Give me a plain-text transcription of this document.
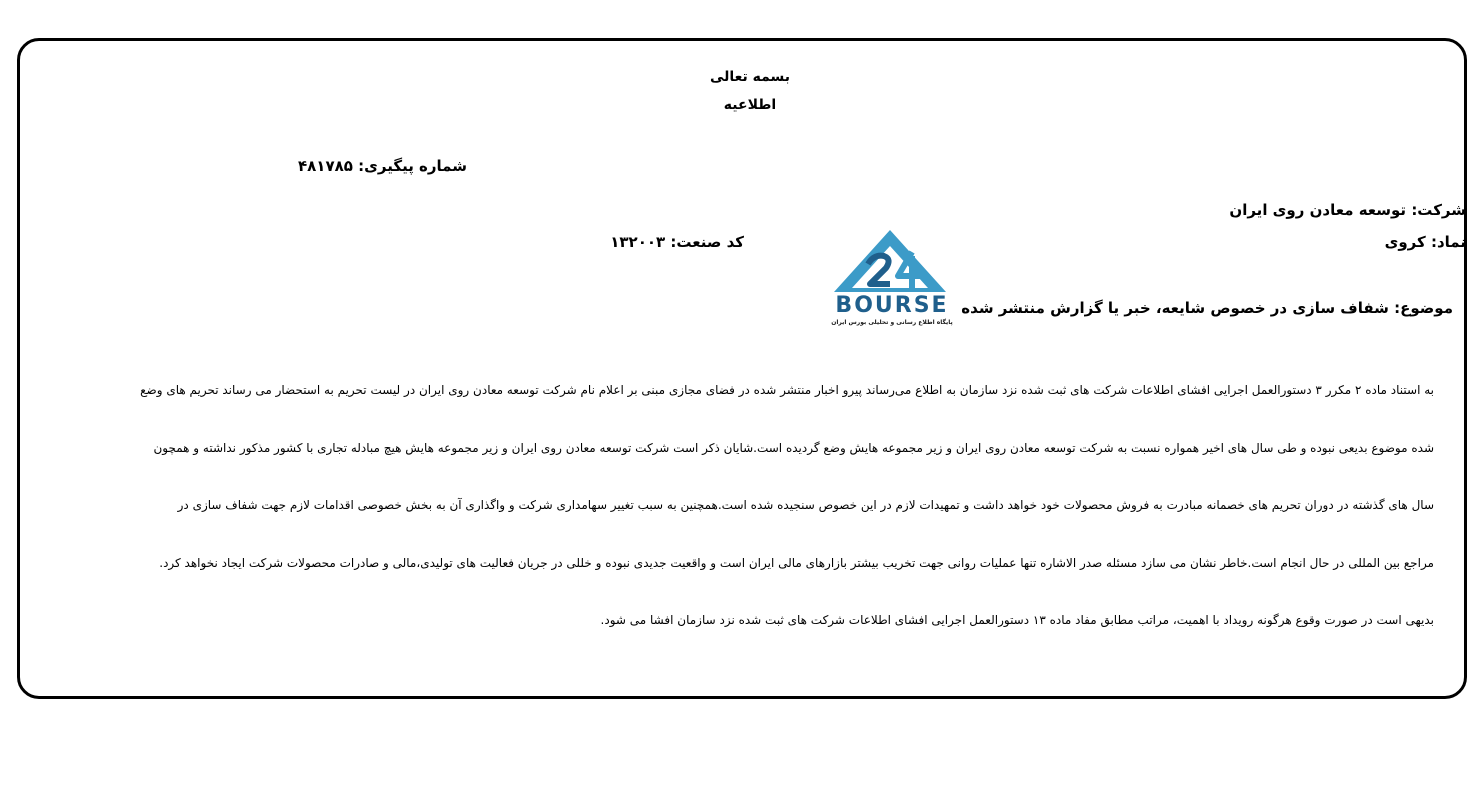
بسمه تعالی
اطلاعیه
شماره پیگیری: ۴۸۱۷۸۵
شرکت: توسعه معادن روی ایران
نماد: کروی
کد صنعت: ۱۳۲۰۰۳
موضوع: شفاف سازی در خصوص شایعه، خبر یا گزارش منتشر شده
BOURSE
پایگاه اطلاع رسانی و تحلیلی بورس ایران
به استناد ماده ۲ مکرر ۳ دستورالعمل اجرایی افشای اطلاعات شرکت های ثبت شده نزد سازمان به اطلاع می‌رساند پیرو اخبار منتشر شده در فضای مجازی مبنی بر اعلام نام شرکت توسعه معادن روی ایران در لیست تحریم به استحضار می رساند تحریم های وضع
شده موضوع بدیعی نبوده و طی سال های اخیر همواره نسبت به شرکت توسعه معادن روی ایران و زیر مجموعه هایش وضع گردیده است.شایان ذکر است شرکت توسعه معادن روی ایران و زیر مجموعه هایش هیچ مبادله تجاری با کشور مذکور نداشته و همچون
سال های گذشته در دوران تحریم های خصمانه مبادرت به فروش محصولات خود خواهد داشت و تمهیدات لازم در این خصوص سنجیده شده است.همچنین به سبب تغییر سهامداری شرکت و واگذاری آن به بخش خصوصی اقدامات لازم جهت شفاف سازی در
مراجع بین المللی در حال انجام است.خاطر نشان می سازد مسئله صدر الاشاره تنها عملیات روانی جهت تخریب بیشتر بازارهای مالی ایران است و واقعیت جدیدی نبوده و خللی در جریان فعالیت های تولیدی،مالی و صادرات محصولات شرکت ایجاد نخواهد کرد.
بدیهی است در صورت وقوع هرگونه رویداد با اهمیت، مراتب مطابق مفاد ماده ۱۳ دستورالعمل اجرایی افشای اطلاعات شرکت های ثبت شده نزد سازمان افشا می شود.
